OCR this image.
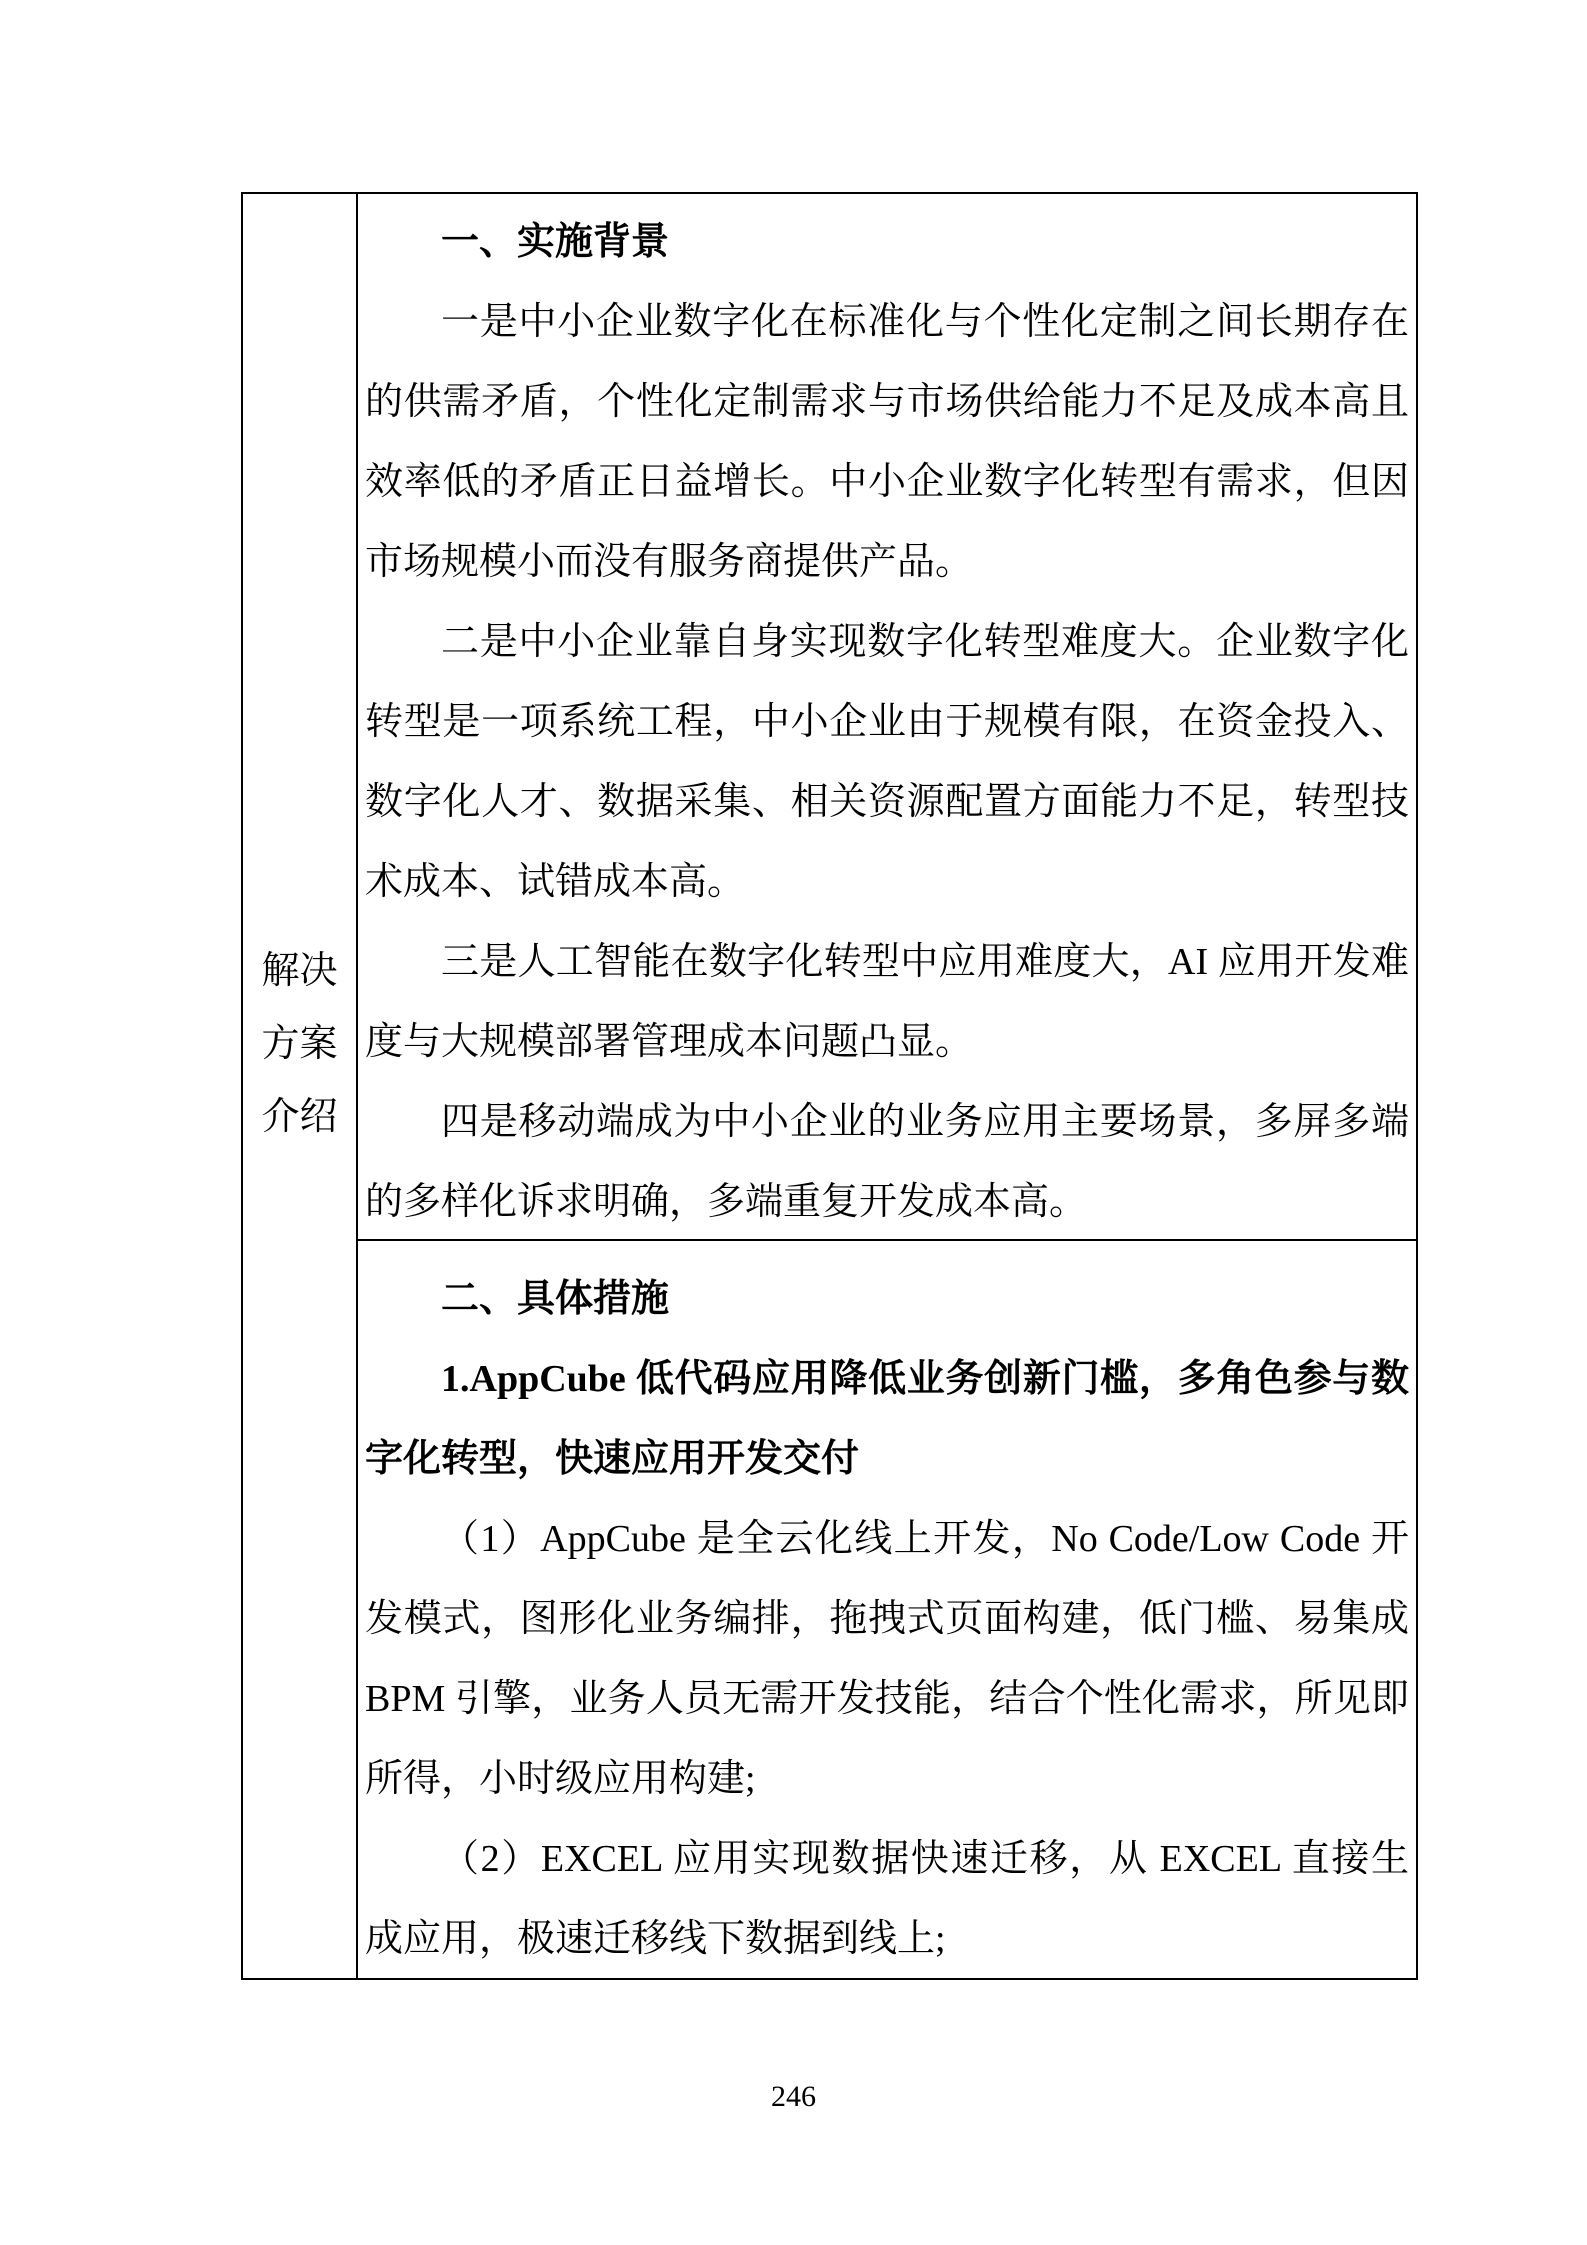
解决
方案
介绍

一、实施背景

一是中小企业数字化在标准化与个性化定制之间长期存在的供需矛盾，个性化定制需求与市场供给能力不足及成本高且效率低的矛盾正日益增长。中小企业数字化转型有需求，但因市场规模小而没有服务商提供产品。

二是中小企业靠自身实现数字化转型难度大。企业数字化转型是一项系统工程，中小企业由于规模有限，在资金投入、数字化人才、数据采集、相关资源配置方面能力不足，转型技术成本、试错成本高。

三是人工智能在数字化转型中应用难度大，AI 应用开发难度与大规模部署管理成本问题凸显。

四是移动端成为中小企业的业务应用主要场景，多屏多端的多样化诉求明确，多端重复开发成本高。

二、具体措施

1.AppCube 低代码应用降低业务创新门槛，多角色参与数字化转型，快速应用开发交付

（1）AppCube 是全云化线上开发，No Code/Low Code 开发模式，图形化业务编排，拖拽式页面构建，低门槛、易集成 BPM 引擎，业务人员无需开发技能，结合个性化需求，所见即所得，小时级应用构建;

（2）EXCEL 应用实现数据快速迁移，从 EXCEL 直接生成应用，极速迁移线下数据到线上;

246
